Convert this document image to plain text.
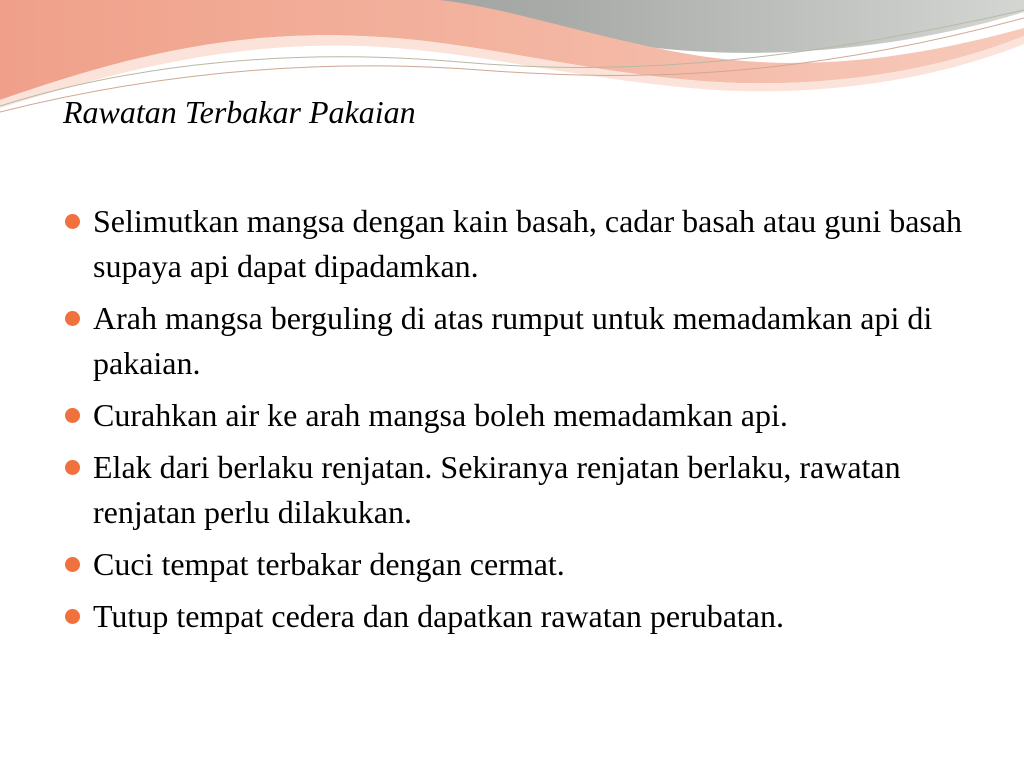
Rawatan Terbakar Pakaian
Selimutkan mangsa dengan kain basah, cadar basah atau guni basah supaya api dapat dipadamkan.
Arah mangsa berguling di atas rumput untuk memadamkan api di pakaian.
Curahkan air ke arah mangsa boleh memadamkan api.
Elak dari berlaku renjatan. Sekiranya renjatan berlaku, rawatan renjatan perlu dilakukan.
Cuci tempat terbakar dengan cermat.
Tutup tempat cedera dan dapatkan rawatan perubatan.
